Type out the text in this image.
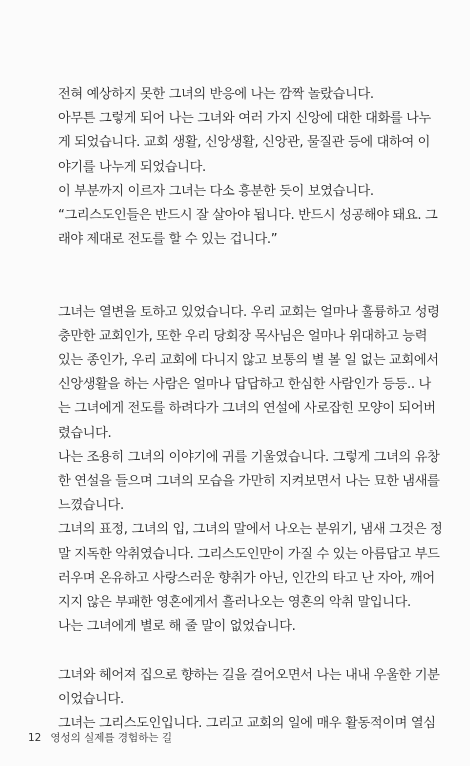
전혀 예상하지 못한 그녀의 반응에 나는 깜짝 놀랐습니다.
아무튼 그렇게 되어 나는 그녀와 여러 가지 신앙에 대한 대화를 나누
게 되었습니다. 교회 생활, 신앙생활, 신앙관, 물질관 등에 대하여 이
야기를 나누게 되었습니다.
이 부분까지 이르자 그녀는 다소 흥분한 듯이 보였습니다.
“그리스도인들은 반드시 잘 살아야 됩니다. 반드시 성공해야 돼요. 그
래야 제대로 전도를 할 수 있는 겁니다.”
그녀는 열변을 토하고 있었습니다. 우리 교회는 얼마나 훌륭하고 성령
충만한 교회인가, 또한 우리 당회장 목사님은 얼마나 위대하고 능력
있는 종인가, 우리 교회에 다니지 않고 보통의 별 볼 일 없는 교회에서
신앙생활을 하는 사람은 얼마나 답답하고 한심한 사람인가 등등.. 나
는 그녀에게 전도를 하려다가 그녀의 연설에 사로잡힌 모양이 되어버
렸습니다.
나는 조용히 그녀의 이야기에 귀를 기울였습니다. 그렇게 그녀의 유창
한 연설을 들으며 그녀의 모습을 가만히 지켜보면서 나는 묘한 냄새를
느꼈습니다.
그녀의 표정, 그녀의 입, 그녀의 말에서 나오는 분위기, 냄새 그것은 정
말 지독한 악취였습니다. 그리스도인만이 가질 수 있는 아름답고 부드
러우며 온유하고 사랑스러운 향취가 아닌, 인간의 타고 난 자아, 깨어
지지 않은 부패한 영혼에게서 흘러나오는 영혼의 악취 말입니다.
나는 그녀에게 별로 해 줄 말이 없었습니다.
그녀와 헤어져 집으로 향하는 길을 걸어오면서 나는 내내 우울한 기분
이었습니다.
그녀는 그리스도인입니다. 그리고 교회의 일에 매우 활동적이며 열심
12 영성의 실제를 경험하는 길
